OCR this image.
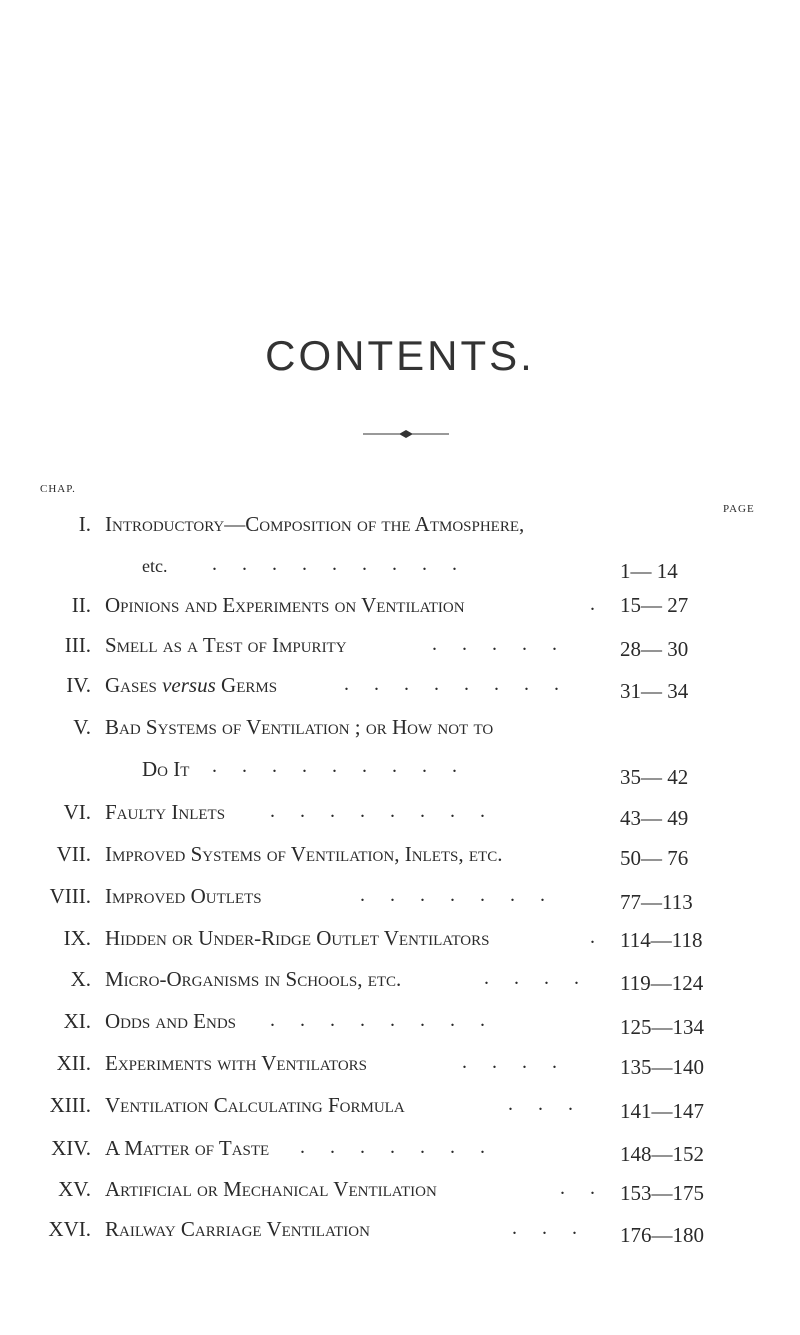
CONTENTS.
CHAP.
PAGE
I. Introductory—Composition of the Atmosphere,
etc. . . . . . . . . .	1— 14
II. Opinions and Experiments on Ventilation	. 15— 27
III. Smell as a Test of Impurity	. . . . .	28— 30
IV. Gases versus Germs	. . . . . . . . 31— 34
V. Bad Systems of Ventilation ; or How not to
Do It . . . . . . . . .	35— 42
VI. Faulty Inlets . . . . . . . .	43— 49
VII. Improved Systems of Ventilation, Inlets, etc.	50— 76
VIII. Improved Outlets	. . . . . . .	77—113
IX. Hidden or Under-Ridge Outlet Ventilators	. 114—118
X. Micro-Organisms in Schools, etc.	. . . . 119—124
XI. Odds and Ends . . . . . . . .	125—134
XII. Experiments with Ventilators	. . . .	135—140
XIII. Ventilation Calculating Formula	. . . 141—147
XIV. A Matter of Taste . . . . . . .	148—152
XV. Artificial or Mechanical Ventilation	. . 153—175
XVI. Railway Carriage Ventilation	. . . 176—180
